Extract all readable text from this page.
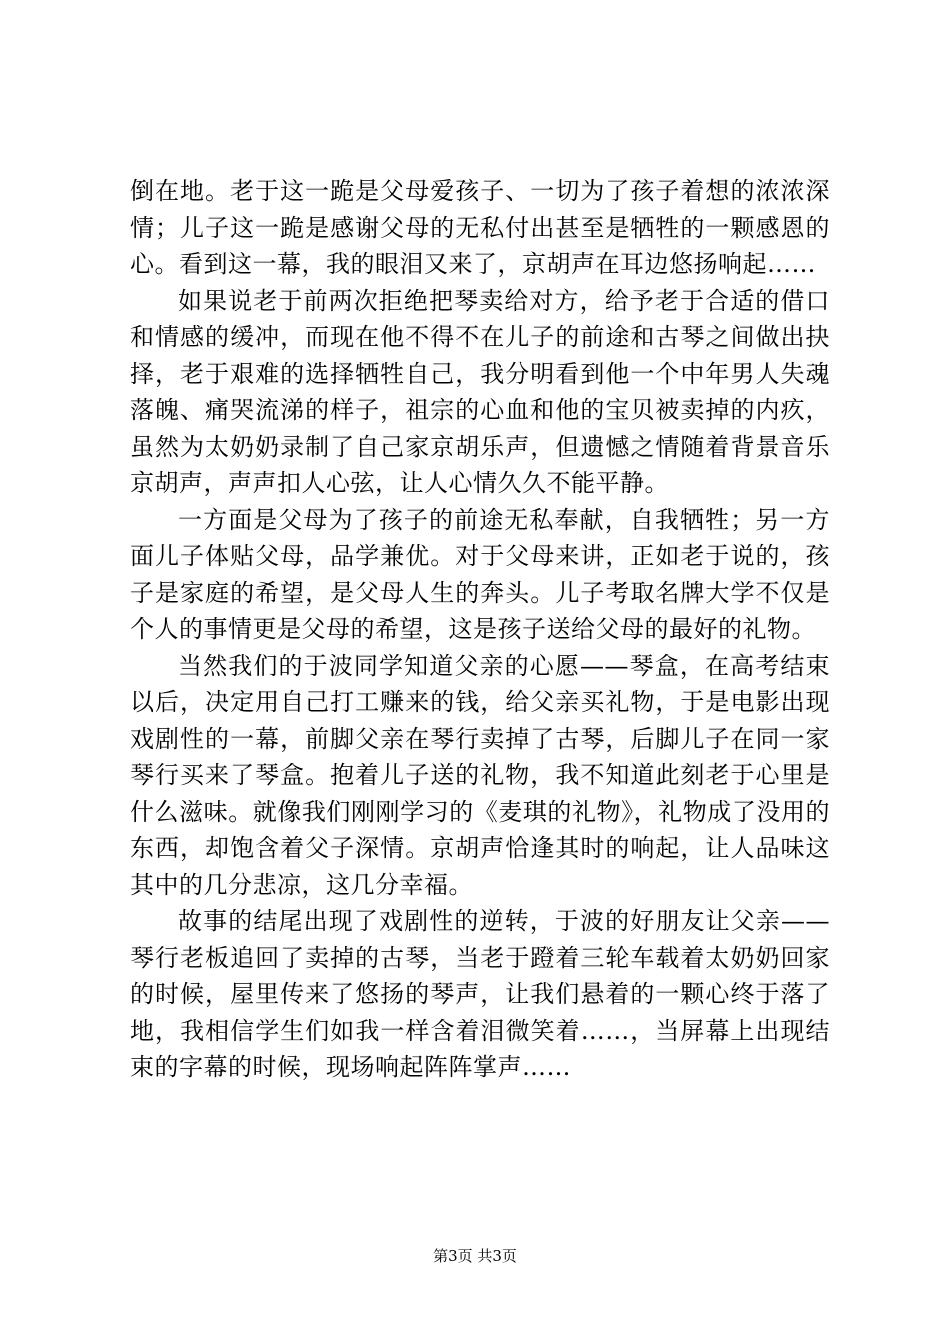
倒在地。老于这一跪是父母爱孩子、一切为了孩子着想的浓浓深情；儿子这一跪是感谢父母的无私付出甚至是牺牲的一颗感恩的心。看到这一幕，我的眼泪又来了，京胡声在耳边悠扬响起……

如果说老于前两次拒绝把琴卖给对方，给予老于合适的借口和情感的缓冲，而现在他不得不在儿子的前途和古琴之间做出抉择，老于艰难的选择牺牲自己，我分明看到他一个中年男人失魂落魄、痛哭流涕的样子，祖宗的心血和他的宝贝被卖掉的内疚，虽然为太奶奶录制了自己家京胡乐声，但遗憾之情随着背景音乐京胡声，声声扣人心弦，让人心情久久不能平静。

一方面是父母为了孩子的前途无私奉献，自我牺牲；另一方面儿子体贴父母，品学兼优。对于父母来讲，正如老于说的，孩子是家庭的希望，是父母人生的奔头。儿子考取名牌大学不仅是个人的事情更是父母的希望，这是孩子送给父母的最好的礼物。

当然我们的于波同学知道父亲的心愿——琴盒，在高考结束以后，决定用自己打工赚来的钱，给父亲买礼物，于是电影出现戏剧性的一幕，前脚父亲在琴行卖掉了古琴，后脚儿子在同一家琴行买来了琴盒。抱着儿子送的礼物，我不知道此刻老于心里是什么滋味。就像我们刚刚学习的《麦琪的礼物》，礼物成了没用的东西，却饱含着父子深情。京胡声恰逢其时的响起，让人品味这其中的几分悲凉，这几分幸福。

故事的结尾出现了戏剧性的逆转，于波的好朋友让父亲——琴行老板追回了卖掉的古琴，当老于蹬着三轮车载着太奶奶回家的时候，屋里传来了悠扬的琴声，让我们悬着的一颗心终于落了地，我相信学生们如我一样含着泪微笑着……，当屏幕上出现结束的字幕的时候，现场响起阵阵掌声……

第3页 共3页
